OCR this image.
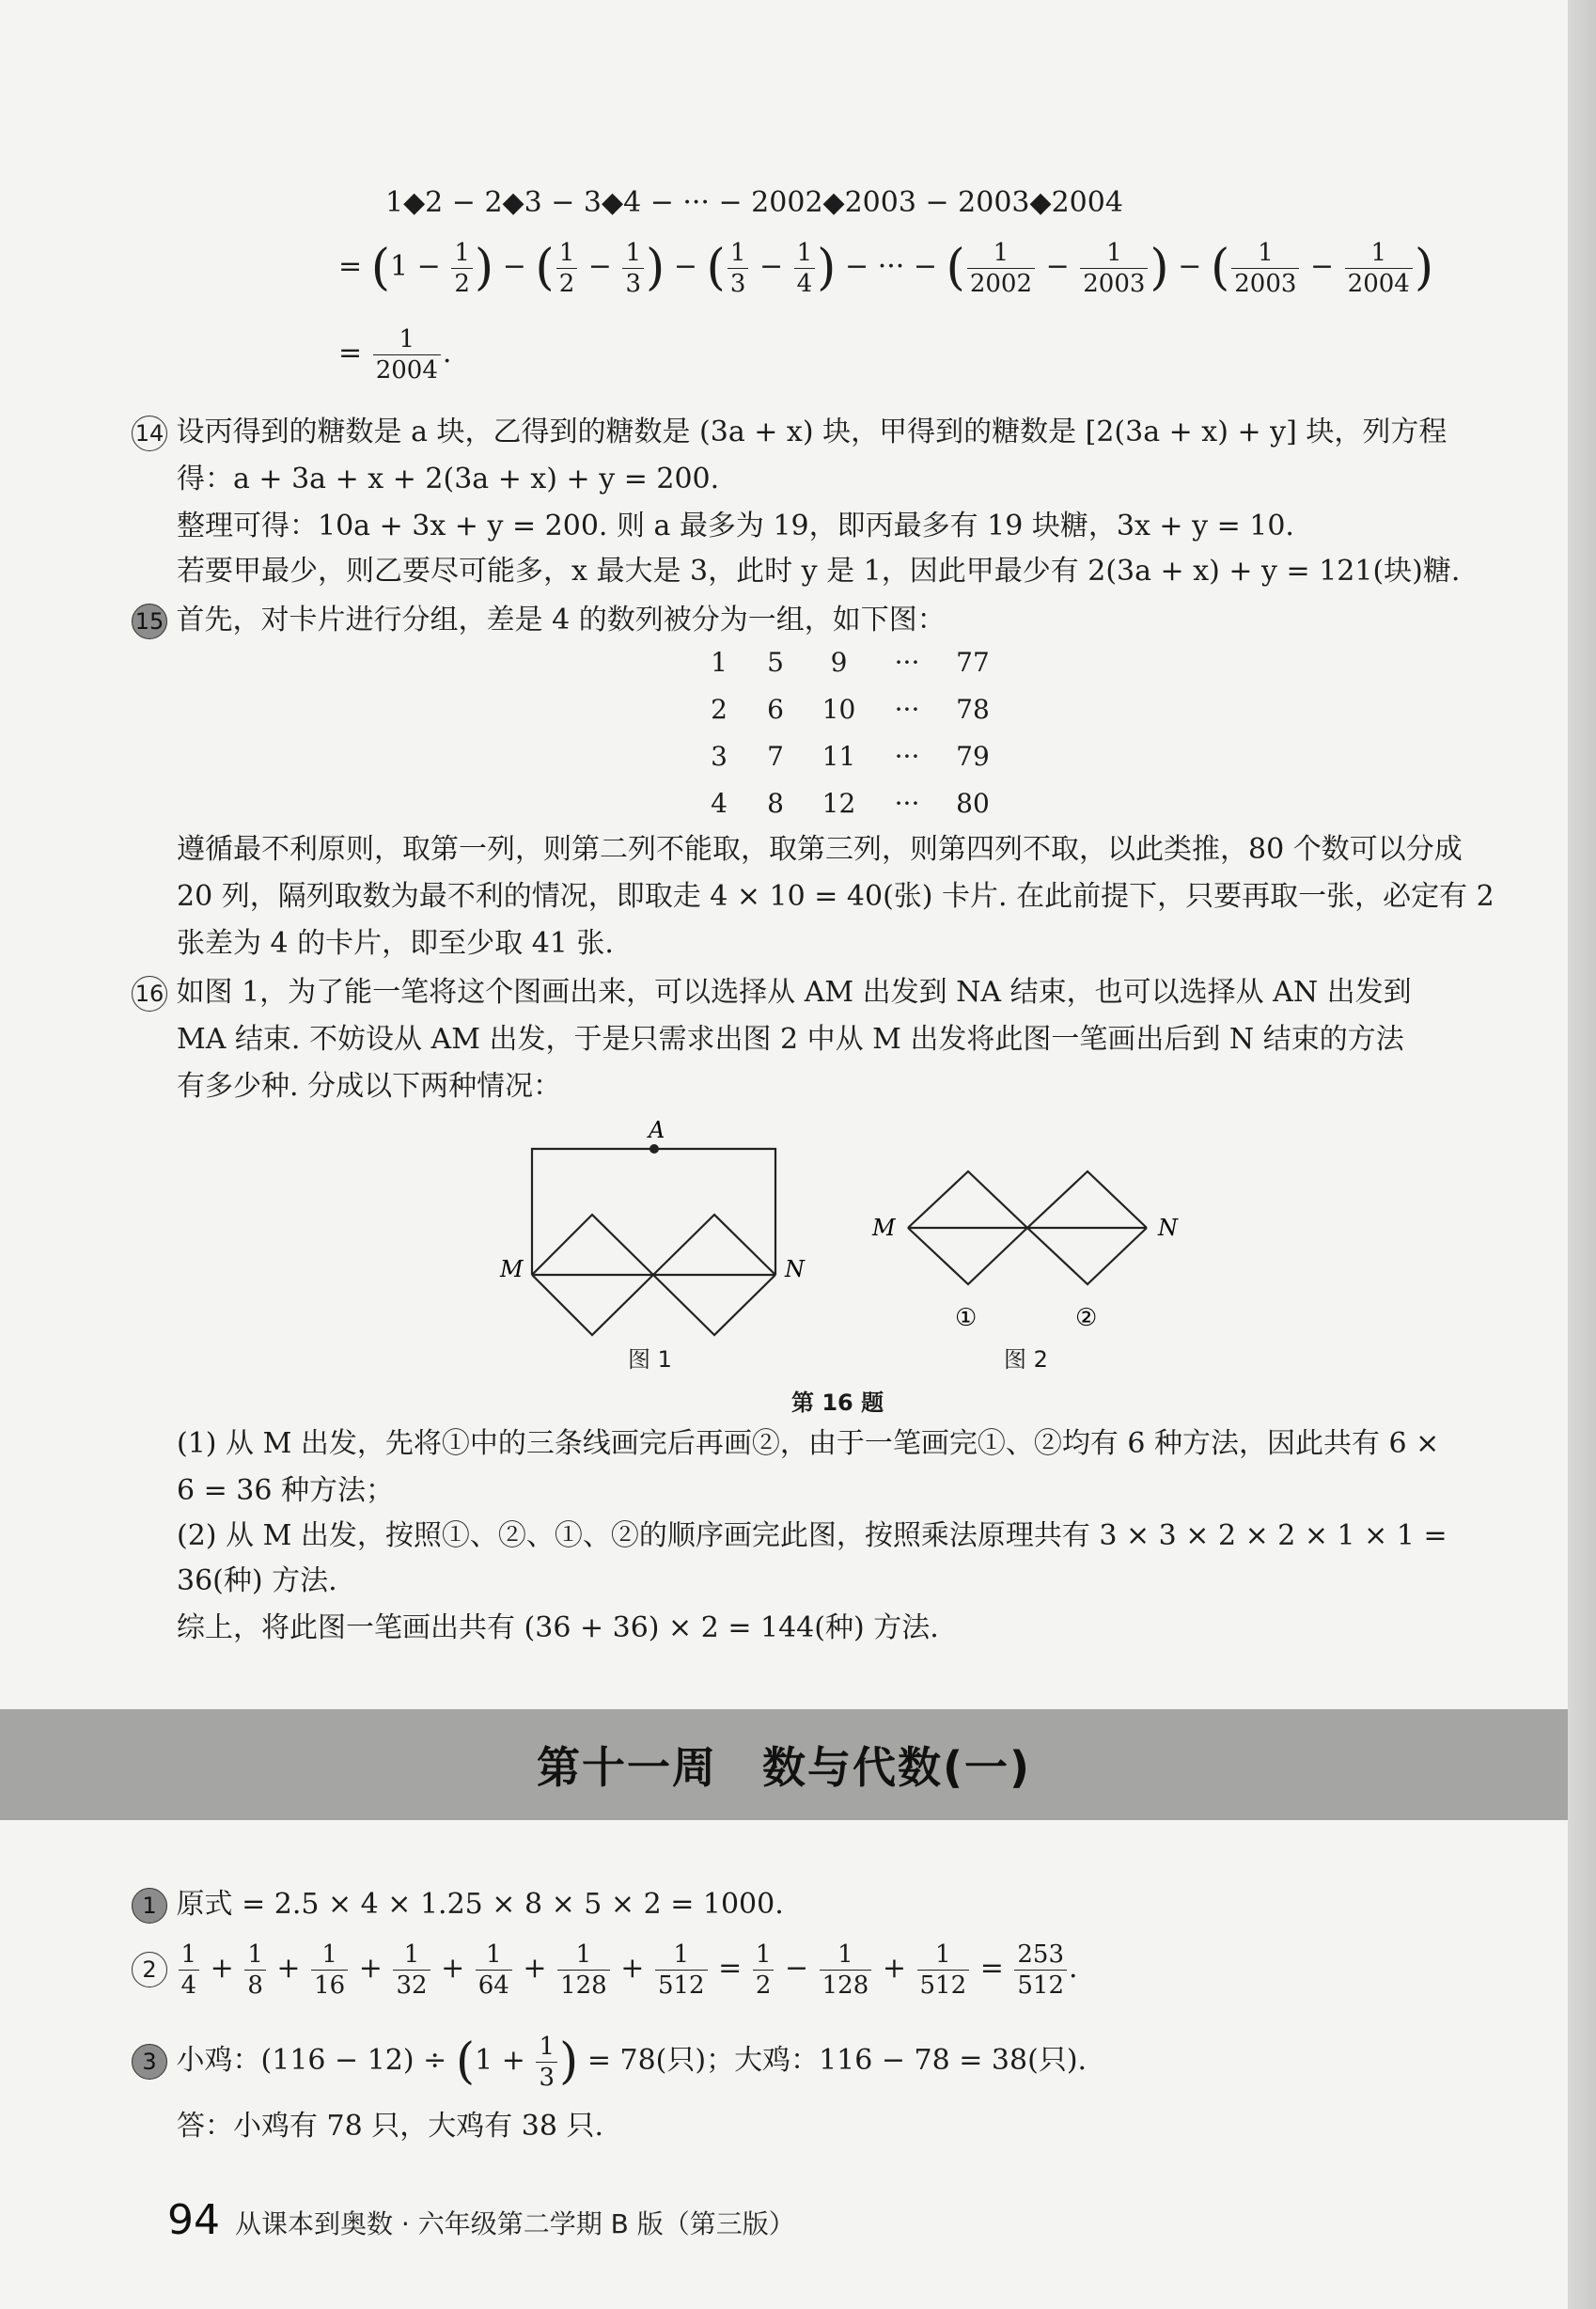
1◆2 − 2◆3 − 3◆4 − ··· − 2002◆2003 − 2003◆2004
= ($1 - \frac{1}{2}$ ) − ( $\frac{1}{2} - \frac{1}{3}$ ) − ( $\frac{1}{3} - \frac{1}{4}$ ) − ··· − ( $\frac{1}{2002} - \frac{1}{2003}$ ) − ( $\frac{1}{2003} - \frac{1}{2004}$ )
= $\frac{1}{2004}$ .
14 设丙得到的糖数是 a 块，乙得到的糖数是 (3a + x) 块，甲得到的糖数是 [2(3a + x) + y] 块，列方程
得：a + 3a + x + 2(3a + x) + y = 200.
整理可得：10a + 3x + y = 200. 则 a 最多为 19，即丙最多有 19 块糖，3x + y = 10.
若要甲最少，则乙要尽可能多，x 最大是 3，此时 y 是 1，因此甲最少有 2(3a + x) + y = 121(块)糖.
15 首先，对卡片进行分组，差是 4 的数列被分为一组，如下图：
1 5 9 ··· 77
2 6 10 ··· 78
3 7 11 ··· 79
4 8 12 ··· 80
遵循最不利原则，取第一列，则第二列不能取，取第三列，则第四列不取，以此类推，80 个数可以分成
20 列，隔列取数为最不利的情况，即取走 4 × 10 = 40(张) 卡片. 在此前提下，只要再取一张，必定有 2
张差为 4 的卡片，即至少取 41 张.
16 如图 1，为了能一笔将这个图画出来，可以选择从 AM 出发到 NA 结束，也可以选择从 AN 出发到
MA 结束. 不妨设从 AM 出发，于是只需求出图 2 中从 M 出发将此图一笔画出后到 N 结束的方法
有多少种. 分成以下两种情况：
A
M	N
图 1
M	N
①	②
图 2
第 16 题
(1) 从 M 出发，先将①中的三条线画完后再画②，由于一笔画完①、②均有 6 种方法，因此共有 6 ×
6 = 36 种方法；
(2) 从 M 出发，按照①、②、①、②的顺序画完此图，按照乘法原理共有 3 × 3 × 2 × 2 × 1 × 1 =
36(种) 方法.
综上，将此图一笔画出共有 (36 + 36) × 2 = 144(种) 方法.
第十一周　数与代数(一)
1 原式 = 2.5 × 4 × 1.25 × 8 × 5 × 2 = 1000.
$2 \frac{1}{4} + \frac{1}{8} + \frac{1}{16} + \frac{1}{32} + \frac{1}{64} + \frac{1}{128} + \frac{1}{512} = \frac{1}{2} - \frac{1}{128} + \frac{1}{512} = \frac{253}{512}$ .
3 小鸡：$(116 - 12) \div (1 + \frac{1}{3}$ ) = 78(只)；大鸡：116 − 78 = 38(只).
答：小鸡有 78 只，大鸡有 38 只.
94 从课本到奥数 · 六年级第二学期 B 版（第三版）
